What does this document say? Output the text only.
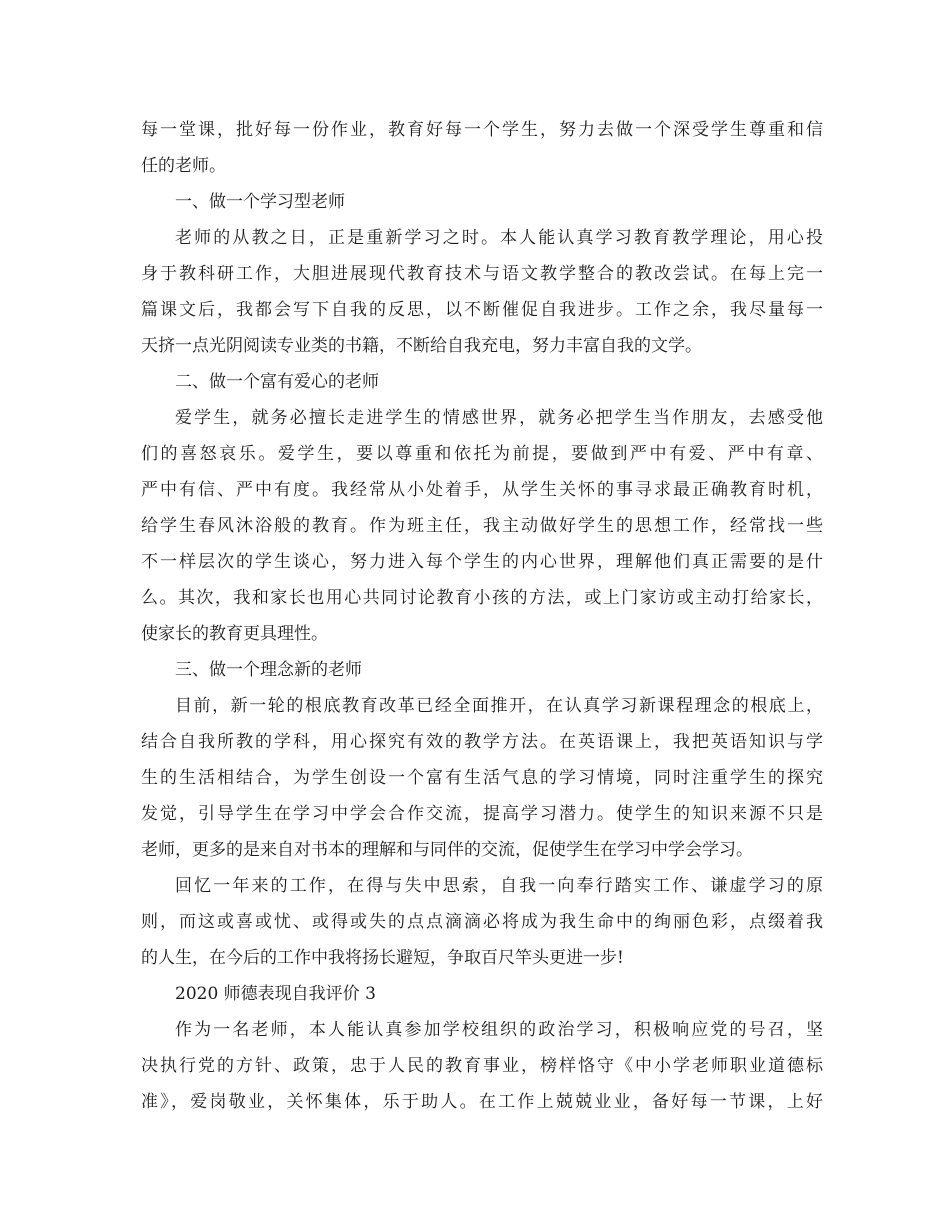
每一堂课，批好每一份作业，教育好每一个学生，努力去做一个深受学生尊重和信

任的老师。

一、做一个学习型老师

老师的从教之日，正是重新学习之时。本人能认真学习教育教学理论，用心投

身于教科研工作，大胆进展现代教育技术与语文教学整合的教改尝试。在每上完一

篇课文后，我都会写下自我的反思，以不断催促自我进步。工作之余，我尽量每一

天挤一点光阴阅读专业类的书籍，不断给自我充电，努力丰富自我的文学。

二、做一个富有爱心的老师

爱学生，就务必擅长走进学生的情感世界，就务必把学生当作朋友，去感受他

们的喜怒哀乐。爱学生，要以尊重和依托为前提，要做到严中有爱、严中有章、

严中有信、严中有度。我经常从小处着手，从学生关怀的事寻求最正确教育时机，

给学生春风沐浴般的教育。作为班主任，我主动做好学生的思想工作，经常找一些

不一样层次的学生谈心，努力进入每个学生的内心世界，理解他们真正需要的是什

么。其次，我和家长也用心共同讨论教育小孩的方法，或上门家访或主动打给家长，

使家长的教育更具理性。

三、做一个理念新的老师

目前，新一轮的根底教育改革已经全面推开，在认真学习新课程理念的根底上，

结合自我所教的学科，用心探究有效的教学方法。在英语课上，我把英语知识与学

生的生活相结合，为学生创设一个富有生活气息的学习情境，同时注重学生的探究

发觉，引导学生在学习中学会合作交流，提高学习潜力。使学生的知识来源不只是

老师，更多的是来自对书本的理解和与同伴的交流，促使学生在学习中学会学习。

回忆一年来的工作，在得与失中思索，自我一向奉行踏实工作、谦虚学习的原

则，而这或喜或忧、或得或失的点点滴滴必将成为我生命中的绚丽色彩，点缀着我

的人生，在今后的工作中我将扬长避短，争取百尺竿头更进一步!

2020 师德表现自我评价 3

作为一名老师，本人能认真参加学校组织的政治学习，积极响应党的号召，坚

决执行党的方针、政策，忠于人民的教育事业，榜样恪守《中小学老师职业道德标

准》，爱岗敬业，关怀集体，乐于助人。在工作上兢兢业业，备好每一节课，上好
